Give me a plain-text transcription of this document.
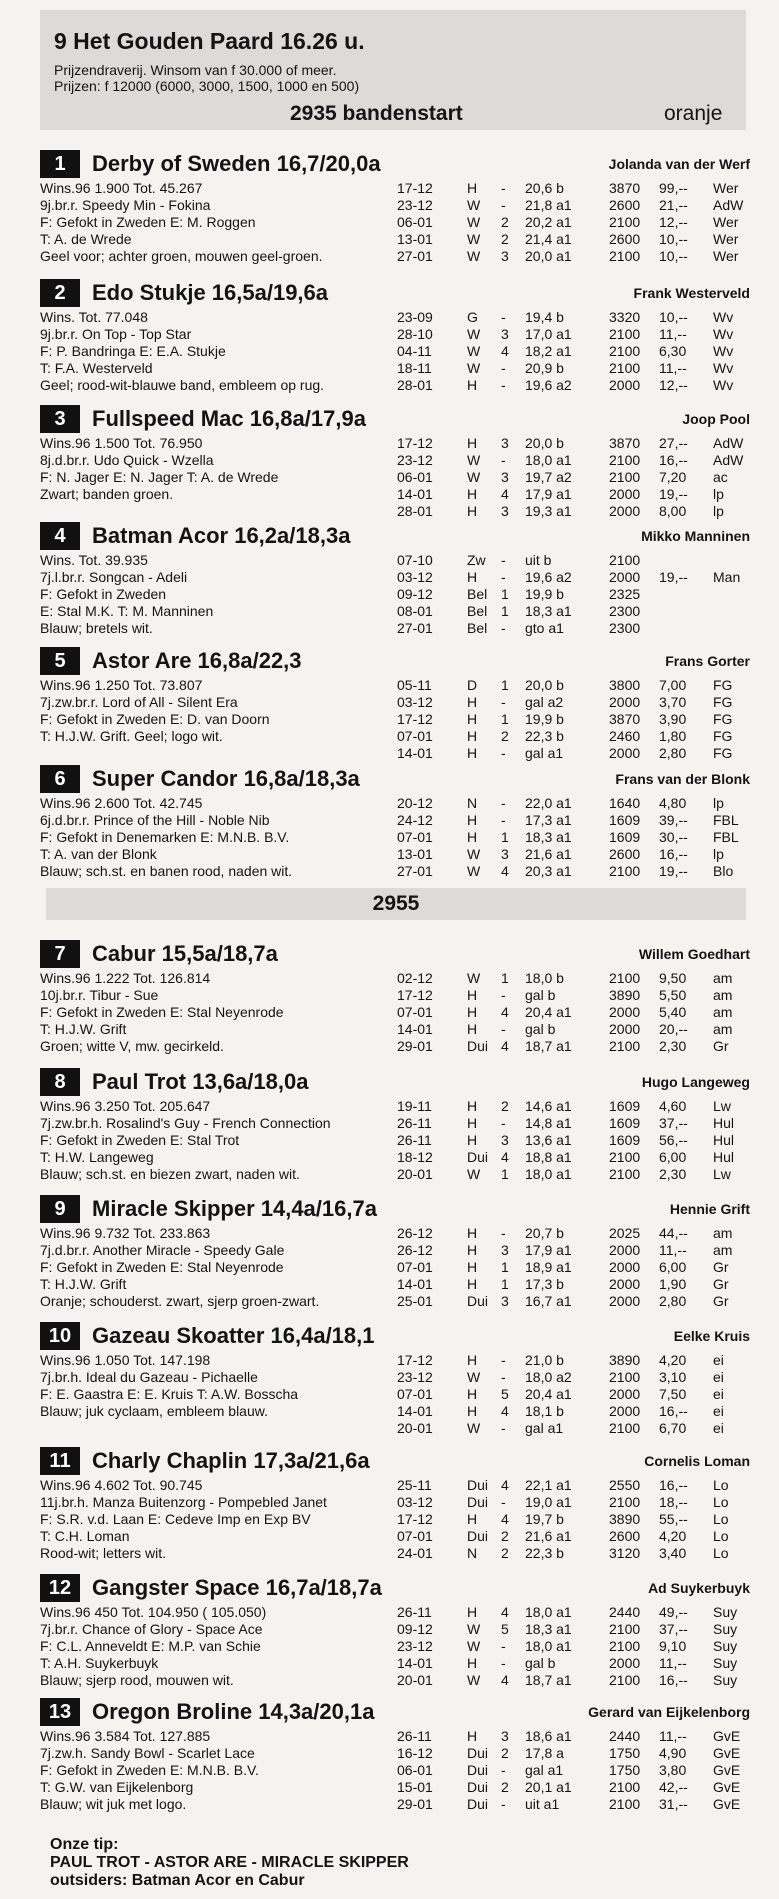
9 Het Gouden Paard 16.26 u.
Prijzendraverij. Winsom van f 30.000 of meer.
Prijzen: f 12000 (6000, 3000, 1500, 1000 en 500)
2935 bandenstart	oranje
2955
1	Derby of Sweden 16,7/20,0a	Jolanda van der Werf
Wins.96 1.900 Tot. 45.267
9j.br.r. Speedy Min - Fokina
F: Gefokt in Zweden E: M. Roggen
T: A. de Wrede
Geel voor; achter groen, mouwen geel-groen.
17-12 H - 20,6 b	3870 99,-- Wer
23-12 W - 21,8 a1	2600 21,-- AdW
06-01 W 2 20,2 a1	2100 12,-- Wer
13-01 W 2 21,4 a1	2600 10,-- Wer
27-01 W 3 20,0 a1	2100 10,-- Wer
2	Edo Stukje 16,5a/19,6a	Frank Westerveld
Wins. Tot. 77.048
9j.br.r. On Top - Top Star
F: P. Bandringa E: E.A. Stukje
T: F.A. Westerveld
Geel; rood-wit-blauwe band, embleem op rug.
23-09 G - 19,4 b	3320 10,-- Wv
28-10 W 3 17,0 a1	2100 11,-- Wv
04-11	W 4 18,2 a1	2100 6,30 Wv
18-11	W - 20,9 b	2100 11,-- Wv
28-01 H - 19,6 a2	2000 12,-- Wv
3	Fullspeed Mac 16,8a/17,9a	Joop Pool
Wins.96 1.500 Tot. 76.950
8j.d.br.r. Udo Quick - Wzella
F: N. Jager E: N. Jager T: A. de Wrede
Zwart; banden groen.
17-12 H 3 20,0 b	3870 27,-- AdW
23-12 W - 18,0 a1	2100 16,-- AdW
06-01 W 3 19,7 a2	2100 7,20 ac
14-01 H 4 17,9 a1	2000 19,-- lp
28-01 H 3 19,3 a1	2000 8,00 lp
4	Batman Acor 16,2a/18,3a	Mikko Manninen
Wins. Tot. 39.935
7j.l.br.r. Songcan - Adeli
F: Gefokt in Zweden
E: Stal M.K. T: M. Manninen
Blauw; bretels wit.
07-10 Zw - uit b	2100
03-12 H - 19,6 a2	2000 19,-- Man
09-12 Bel 1 19,9 b	2325
08-01 Bel 1 18,3 a1	2300
27-01 Bel - gto a1	2300
5	Astor Are 16,8a/22,3	Frans Gorter
Wins.96 1.250 Tot. 73.807
7j.zw.br.r. Lord of All - Silent Era
F: Gefokt in Zweden E: D. van Doorn
T: H.J.W. Grift. Geel; logo wit.
05-11	D 1 20,0 b	3800 7,00 FG
03-12 H - gal a2	2000 3,70 FG
17-12 H 1 19,9 b	3870 3,90 FG
07-01 H 2 22,3 b	2460 1,80 FG
14-01 H - gal a1	2000 2,80 FG
6	Super Candor 16,8a/18,3a	Frans van der Blonk
Wins.96 2.600 Tot. 42.745
6j.d.br.r. Prince of the Hill - Noble Nib
F: Gefokt in Denemarken E: M.N.B. B.V.
T: A. van der Blonk
Blauw; sch.st. en banen rood, naden wit.
20-12 N - 22,0 a1	1640 4,80 lp
24-12 H - 17,3 a1	1609 39,-- FBL
07-01 H 1 18,3 a1	1609 30,-- FBL
13-01 W 3 21,6 a1	2600 16,-- lp
27-01 W 4 20,3 a1	2100 19,-- Blo
7	Cabur 15,5a/18,7a	Willem Goedhart
Wins.96 1.222 Tot. 126.814
10j.br.r. Tibur - Sue
F: Gefokt in Zweden E: Stal Neyenrode
T: H.J.W. Grift
Groen; witte V, mw. gecirkeld.
02-12 W 1 18,0 b	2100 9,50 am
17-12 H - gal b	3890 5,50 am
07-01 H 4 20,4 a1	2000 5,40 am
14-01 H - gal b	2000 20,-- am
29-01 Dui 4 18,7 a1	2100 2,30 Gr
8	Paul Trot 13,6a/18,0a	Hugo Langeweg
Wins.96 3.250 Tot. 205.647
7j.zw.br.h. Rosalind's Guy - French Connection
F: Gefokt in Zweden E: Stal Trot
T: H.W. Langeweg
Blauw; sch.st. en biezen zwart, naden wit.
19-11	H 2 14,6 a1	1609 4,60 Lw
26-11	H - 14,8 a1	1609 37,-- Hul
26-11	H 3 13,6 a1	1609 56,-- Hul
18-12 Dui 4 18,8 a1	2100 6,00 Hul
20-01 W 1 18,0 a1	2100 2,30 Lw
9	Miracle Skipper 14,4a/16,7a	Hennie Grift
Wins.96 9.732 Tot. 233.863
7j.d.br.r. Another Miracle - Speedy Gale
F: Gefokt in Zweden E: Stal Neyenrode
T: H.J.W. Grift
Oranje; schouderst. zwart, sjerp groen-zwart.
26-12 H - 20,7 b	2025 44,-- am
26-12 H 3 17,9 a1	2000 11,-- am
07-01 H 1 18,9 a1	2000 6,00 Gr
14-01 H 1 17,3 b	2000 1,90 Gr
25-01 Dui 3 16,7 a1	2000 2,80 Gr
10 Gazeau Skoatter 16,4a/18,1	Eelke Kruis
Wins.96 1.050 Tot. 147.198
7j.br.h. Ideal du Gazeau - Pichaelle
F: E. Gaastra E: E. Kruis T: A.W. Bosscha
Blauw; juk cyclaam, embleem blauw.
17-12 H - 21,0 b	3890 4,20 ei
23-12 W - 18,0 a2	2100 3,10 ei
07-01 H 5 20,4 a1	2000 7,50 ei
14-01 H 4 18,1 b	2000 16,-- ei
20-01 W - gal a1	2100 6,70 ei
11 Charly Chaplin 17,3a/21,6a	Cornelis Loman
Wins.96 4.602 Tot. 90.745
11j.br.h. Manza Buitenzorg - Pompebled Janet
F: S.R. v.d. Laan E: Cedeve Imp en Exp BV
T: C.H. Loman
Rood-wit; letters wit.
25-11	Dui 4 22,1 a1	2550 16,-- Lo
03-12 Dui - 19,0 a1	2100 18,-- Lo
17-12 H 4 19,7 b	3890 55,-- Lo
07-01 Dui 2 21,6 a1	2600 4,20 Lo
24-01 N 2 22,3 b	3120 3,40 Lo
12 Gangster Space 16,7a/18,7a	Ad Suykerbuyk
Wins.96 450 Tot. 104.950 ( 105.050)
7j.br.r. Chance of Glory - Space Ace
F: C.L. Anneveldt E: M.P. van Schie
T: A.H. Suykerbuyk
Blauw; sjerp rood, mouwen wit.
26-11	H 4 18,0 a1	2440 49,-- Suy
09-12 W 5 18,3 a1	2100 37,-- Suy
23-12 W - 18,0 a1	2100 9,10 Suy
14-01 H - gal b	2000 11,-- Suy
20-01 W 4 18,7 a1	2100 16,-- Suy
13 Oregon Broline 14,3a/20,1a	Gerard van Eijkelenborg
Wins.96 3.584 Tot. 127.885
7j.zw.h. Sandy Bowl - Scarlet Lace
F: Gefokt in Zweden E: M.N.B. B.V.
T: G.W. van Eijkelenborg
Blauw; wit juk met logo.
26-11	H 3 18,6 a1	2440 11,-- GvE
16-12 Dui 2 17,8 a	1750 4,90 GvE
06-01 Dui - gal a1	1750 3,80 GvE
15-01 Dui 2 20,1 a1	2100 42,-- GvE
29-01 Dui - uit a1	2100 31,-- GvE
Onze tip:
PAUL TROT - ASTOR ARE - MIRACLE SKIPPER
outsiders: Batman Acor en Cabur
